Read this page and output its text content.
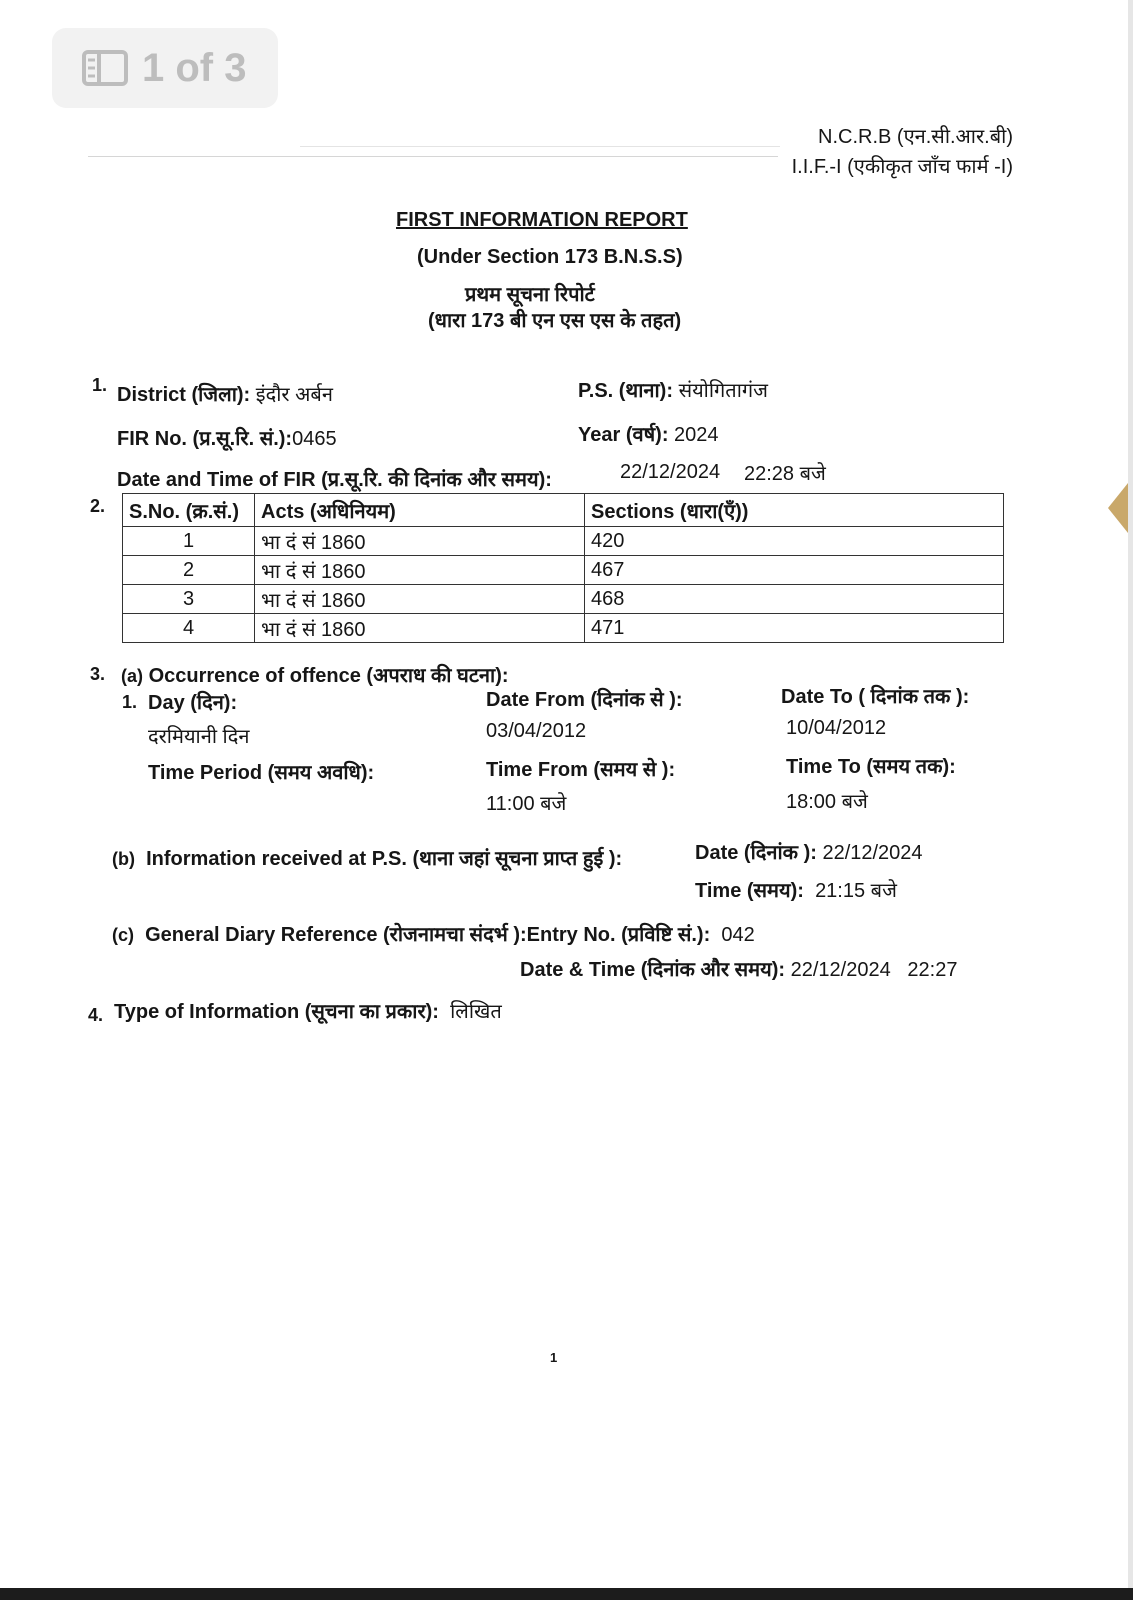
1 of 3
N.C.R.B (एन.सी.आर.बी)
I.I.F.-I (एकीकृत जाँच फार्म -I)
FIRST INFORMATION REPORT
(Under Section 173 B.N.S.S)
प्रथम सूचना रिपोर्ट
(धारा 173 बी एन एस एस के तहत)
1. District (जिला): इंदौर अर्बन	P.S. (थाना): संयोगितागंज
FIR No. (प्र.सू.रि. सं.):0465	Year (वर्ष): 2024
Date and Time of FIR (प्र.सू.रि. की दिनांक और समय):	22/12/2024 22:28 बजे
2. S.No. (क्र.सं.)	Acts (अधिनियम)	Sections (धारा(एँ))
1	भा दं सं 1860	420
2	भा दं सं 1860	467
3	भा दं सं 1860	468
4	भा दं सं 1860	471
3. (a) Occurrence of offence (अपराध की घटना):
1. Day (दिन):
दरमियानी दिन
Time Period (समय अवधि):
Date From (दिनांक से ):
03/04/2012
Time From (समय से ):
11:00 बजे
Date To ( दिनांक तक ):
10/04/2012
Time To (समय तक):
18:00 बजे
(b) Information received at P.S. (थाना जहां सूचना प्राप्त हुई ):	Date (दिनांक ): 22/12/2024
Time (समय): 21:15 बजे
(c) General Diary Reference (रोजनामचा संदर्भ ):Entry No. (प्रविष्टि सं.): 042
Date & Time (दिनांक और समय): 22/12/2024 22:27
4. Type of Information (सूचना का प्रकार): लिखित
1
